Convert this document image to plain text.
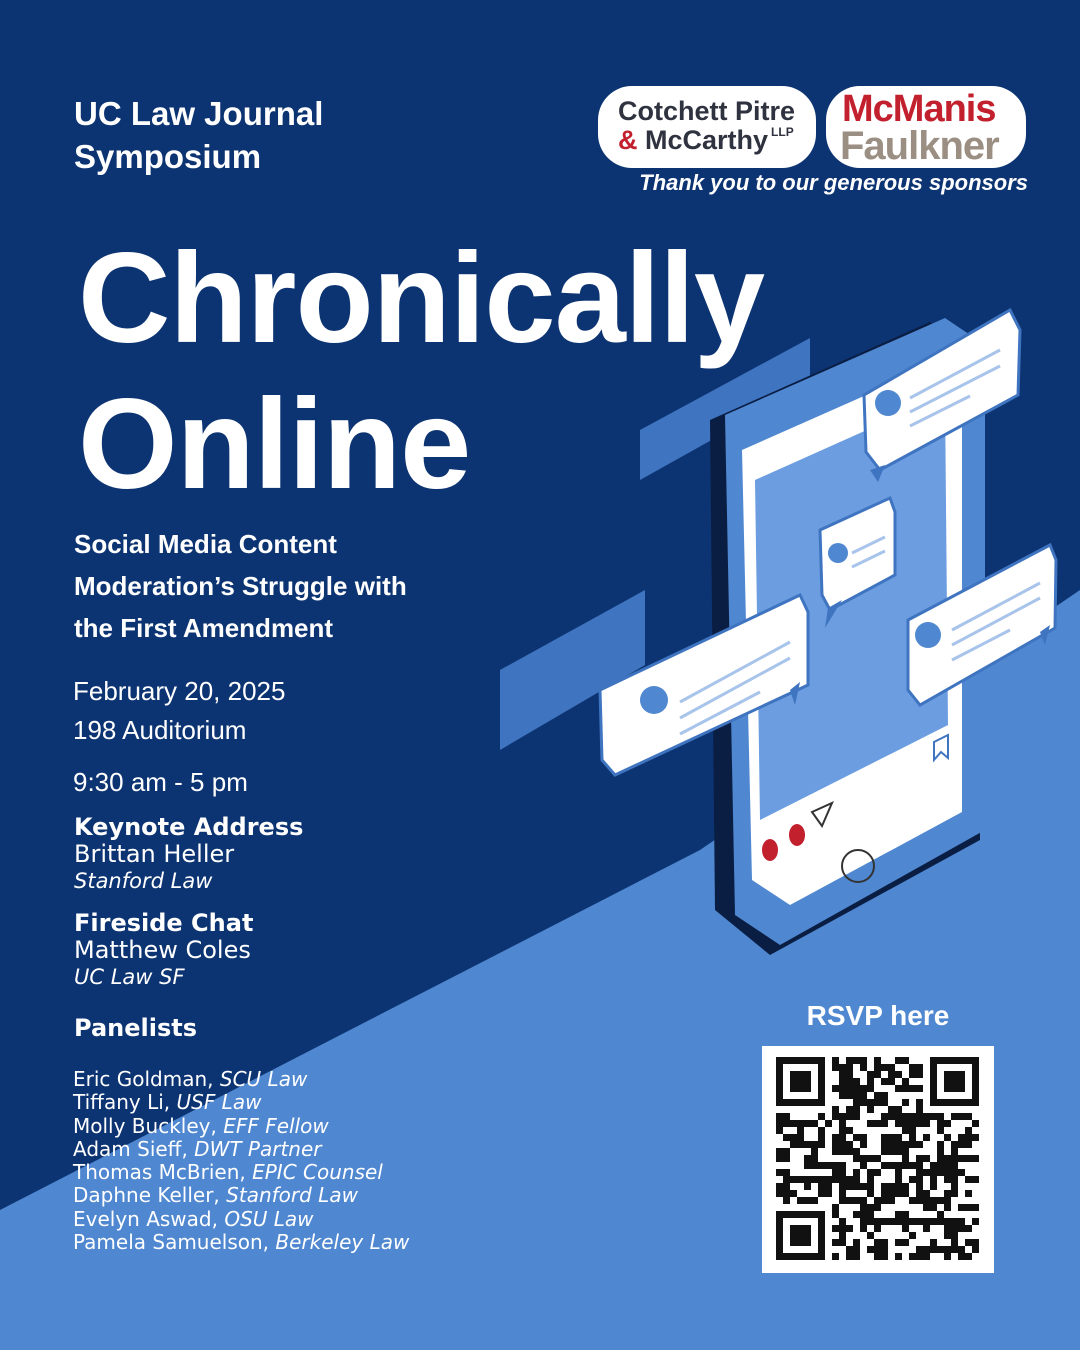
UC Law Journal
Symposium
Cotchett Pitre
& McCarthy $^{LLP}$
McManis
Faulkner
Thank you to our generous sponsors
Chronically
Online
Social Media Content
Moderation’s Struggle with
the First Amendment
February 20, 2025
198 Auditorium
9:30 am - 5 pm
Keynote Address
Brittan Heller
Stanford Law
Fireside Chat
Matthew Coles
UC Law SF
Panelists
Eric Goldman, SCU Law
Tiffany Li, USF Law
Molly Buckley, EFF Fellow
Adam Sieff, DWT Partner
Thomas McBrien, EPIC Counsel
Daphne Keller, Stanford Law
Evelyn Aswad, OSU Law
Pamela Samuelson, Berkeley Law
RSVP here
